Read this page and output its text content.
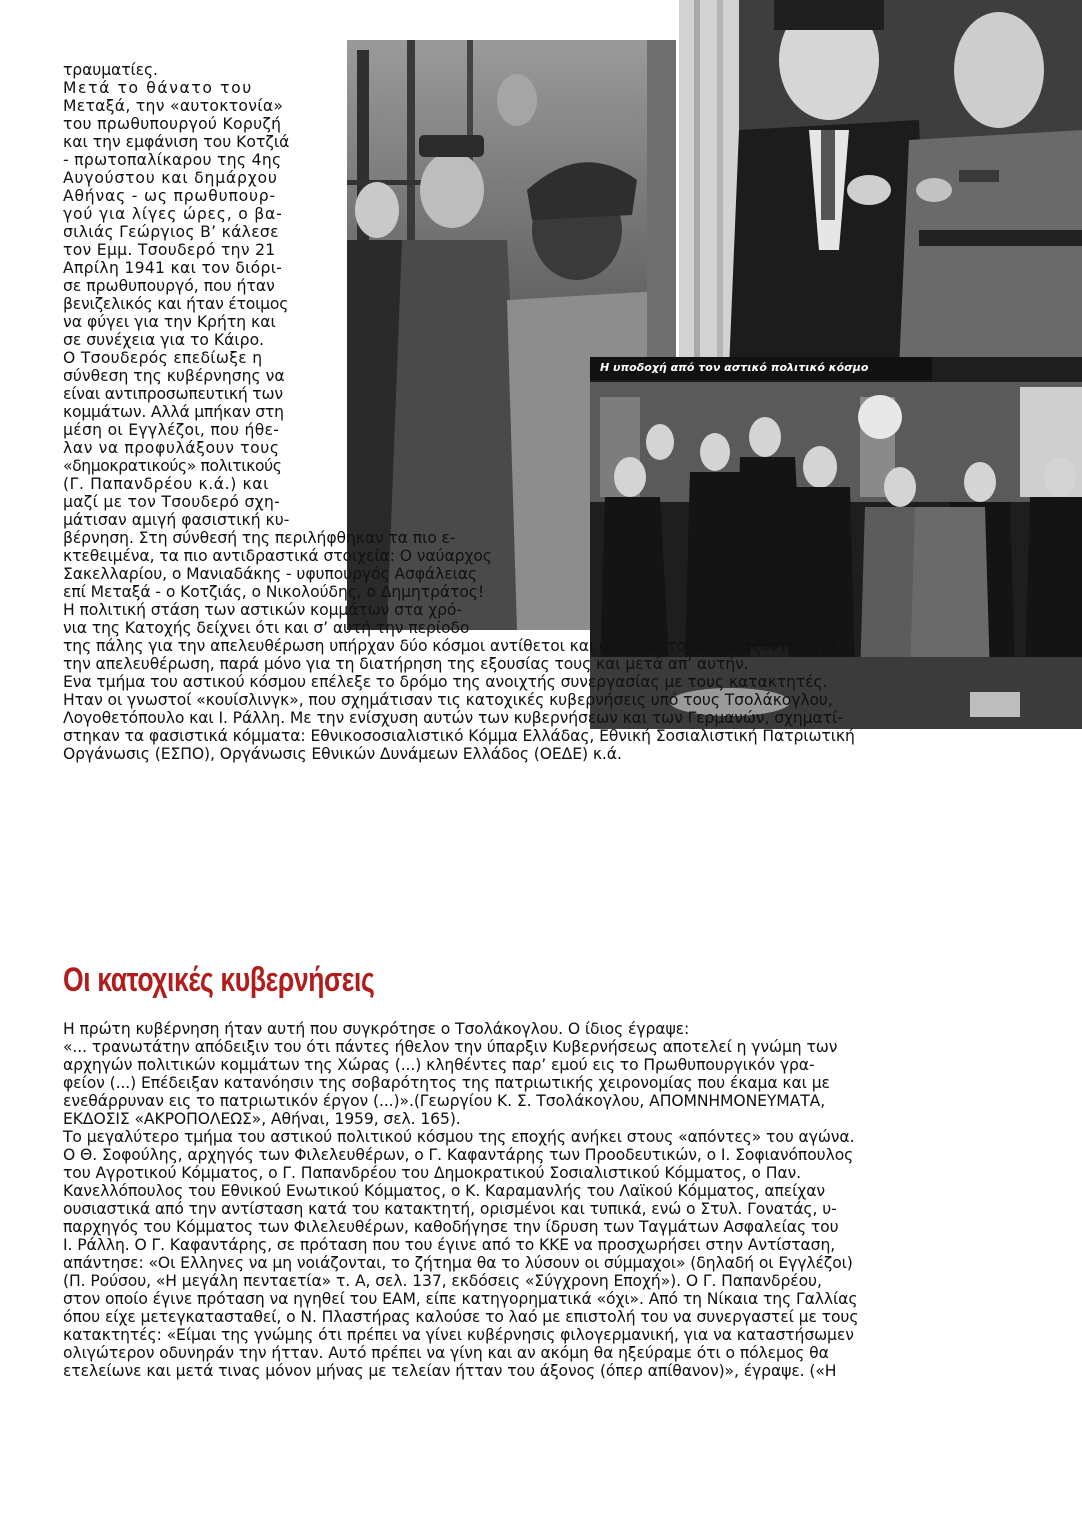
Η υποδοχή από τον αστικό πολιτικό κόσμο
τραυματίες.
Μετά το θάνατο του
Μεταξά, την «αυτοκτονία»
του πρωθυπουργού Κορυζή
και την εμφάνιση του Κοτζιά
- πρωτοπαλίκαρου της 4ης
Αυγούστου και δημάρχου
Αθήνας - ως πρωθυπουρ-
γού για λίγες ώρες, ο βα-
σιλιάς Γεώργιος Β’ κάλεσε
τον Εμμ. Τσουδερό την 21
Απρίλη 1941 και τον διόρι-
σε πρωθυπουργό, που ήταν
βενιζελικός και ήταν έτοιμος
να φύγει για την Κρήτη και
σε συνέχεια για το Κάιρο.
Ο Τσουδερός επεδίωξε η
σύνθεση της κυβέρνησης να
είναι αντιπροσωπευτική των
κομμάτων. Αλλά μπήκαν στη
μέση οι Εγγλέζοι, που ήθε-
λαν να προφυλάξουν τους
«δημοκρατικούς» πολιτικούς
(Γ. Παπανδρέου κ.ά.) και
μαζί με τον Τσουδερό σχη-
μάτισαν αμιγή φασιστική κυ-
βέρνηση. Στη σύνθεσή της περιλήφθηκαν τα πιο ε-
κτεθειμένα, τα πιο αντιδραστικά στοιχεία: Ο ναύαρχος
Σακελλαρίου, ο Μανιαδάκης - υφυπουργός Ασφάλειας
επί Μεταξά - ο Κοτζιάς, ο Νικολούδης, ο Δημητράτος!
Η πολιτική στάση των αστικών κομμάτων στα χρό-
νια της Κατοχής δείχνει ότι και σ’ αυτή την περίοδο
της πάλης για την απελευθέρωση υπήρχαν δύο κόσμοι αντίθετοι και ότι οι αστοί δε νοιάζονταν για
την απελευθέρωση, παρά μόνο για τη διατήρηση της εξουσίας τους και μετά απ’ αυτήν.
Ενα τμήμα του αστικού κόσμου επέλεξε το δρόμο της ανοιχτής συνεργασίας με τους κατακτητές.
Ηταν οι γνωστοί «κουίσλινγκ», που σχημάτισαν τις κατοχικές κυβερνήσεις υπό τους Τσολάκογλου,
Λογοθετόπουλο και Ι. Ράλλη. Με την ενίσχυση αυτών των κυβερνήσεων και των Γερμανών, σχηματί-
στηκαν τα φασιστικά κόμματα: Εθνικοσοσιαλιστικό Κόμμα Ελλάδας, Εθνική Σοσιαλιστική Πατριωτική
Οργάνωσις (ΕΣΠΟ), Οργάνωσις Εθνικών Δυνάμεων Ελλάδος (ΟΕΔΕ) κ.ά.
Οι κατοχικές κυβερνήσεις
Η πρώτη κυβέρνηση ήταν αυτή που συγκρότησε ο Τσολάκογλου. Ο ίδιος έγραψε:
«... τρανωτάτην απόδειξιν του ότι πάντες ήθελον την ύπαρξιν Κυβερνήσεως αποτελεί η γνώμη των
αρχηγών πολιτικών κομμάτων της Χώρας (...) κληθέντες παρ’ εμού εις το Πρωθυπουργικόν γρα-
φείον (...) Επέδειξαν κατανόησιν της σοβαρότητος της πατριωτικής χειρονομίας που έκαμα και με
ενεθάρρυναν εις το πατριωτικόν έργον (...)».(Γεωργίου Κ. Σ. Τσολάκογλου, ΑΠΟΜΝΗΜΟΝΕΥΜΑΤΑ,
ΕΚΔΟΣΙΣ «ΑΚΡΟΠΟΛΕΩΣ», Αθήναι, 1959, σελ. 165).
Το μεγαλύτερο τμήμα του αστικού πολιτικού κόσμου της εποχής ανήκει στους «απόντες» του αγώνα.
Ο Θ. Σοφούλης, αρχηγός των Φιλελευθέρων, ο Γ. Καφαντάρης των Προοδευτικών, ο Ι. Σοφιανόπουλος
του Αγροτικού Κόμματος, ο Γ. Παπανδρέου του Δημοκρατικού Σοσιαλιστικού Κόμματος, ο Παν.
Κανελλόπουλος του Εθνικού Ενωτικού Κόμματος, ο Κ. Καραμανλής του Λαϊκού Κόμματος, απείχαν
ουσιαστικά από την αντίσταση κατά του κατακτητή, ορισμένοι και τυπικά, ενώ ο Στυλ. Γονατάς, υ-
παρχηγός του Κόμματος των Φιλελευθέρων, καθοδήγησε την ίδρυση των Ταγμάτων Ασφαλείας του
Ι. Ράλλη. Ο Γ. Καφαντάρης, σε πρόταση που του έγινε από το ΚΚΕ να προσχωρήσει στην Αντίσταση,
απάντησε: «Οι Ελληνες να μη νοιάζονται, το ζήτημα θα το λύσουν οι σύμμαχοι» (δηλαδή οι Εγγλέζοι)
(Π. Ρούσου, «Η μεγάλη πενταετία» τ. Α, σελ. 137, εκδόσεις «Σύγχρονη Εποχή»). Ο Γ. Παπανδρέου,
στον οποίο έγινε πρόταση να ηγηθεί του ΕΑΜ, είπε κατηγορηματικά «όχι». Από τη Νίκαια της Γαλλίας
όπου είχε μετεγκατασταθεί, ο Ν. Πλαστήρας καλούσε το λαό με επιστολή του να συνεργαστεί με τους
κατακτητές: «Είμαι της γνώμης ότι πρέπει να γίνει κυβέρνησις φιλογερμανική, για να καταστήσωμεν
ολιγώτερον οδυνηράν την ήτταν. Αυτό πρέπει να γίνη και αν ακόμη θα ηξεύραμε ότι ο πόλεμος θα
ετελείωνε και μετά τινας μόνον μήνας με τελείαν ήτταν του άξονος (όπερ απίθανον)», έγραψε. («Η
